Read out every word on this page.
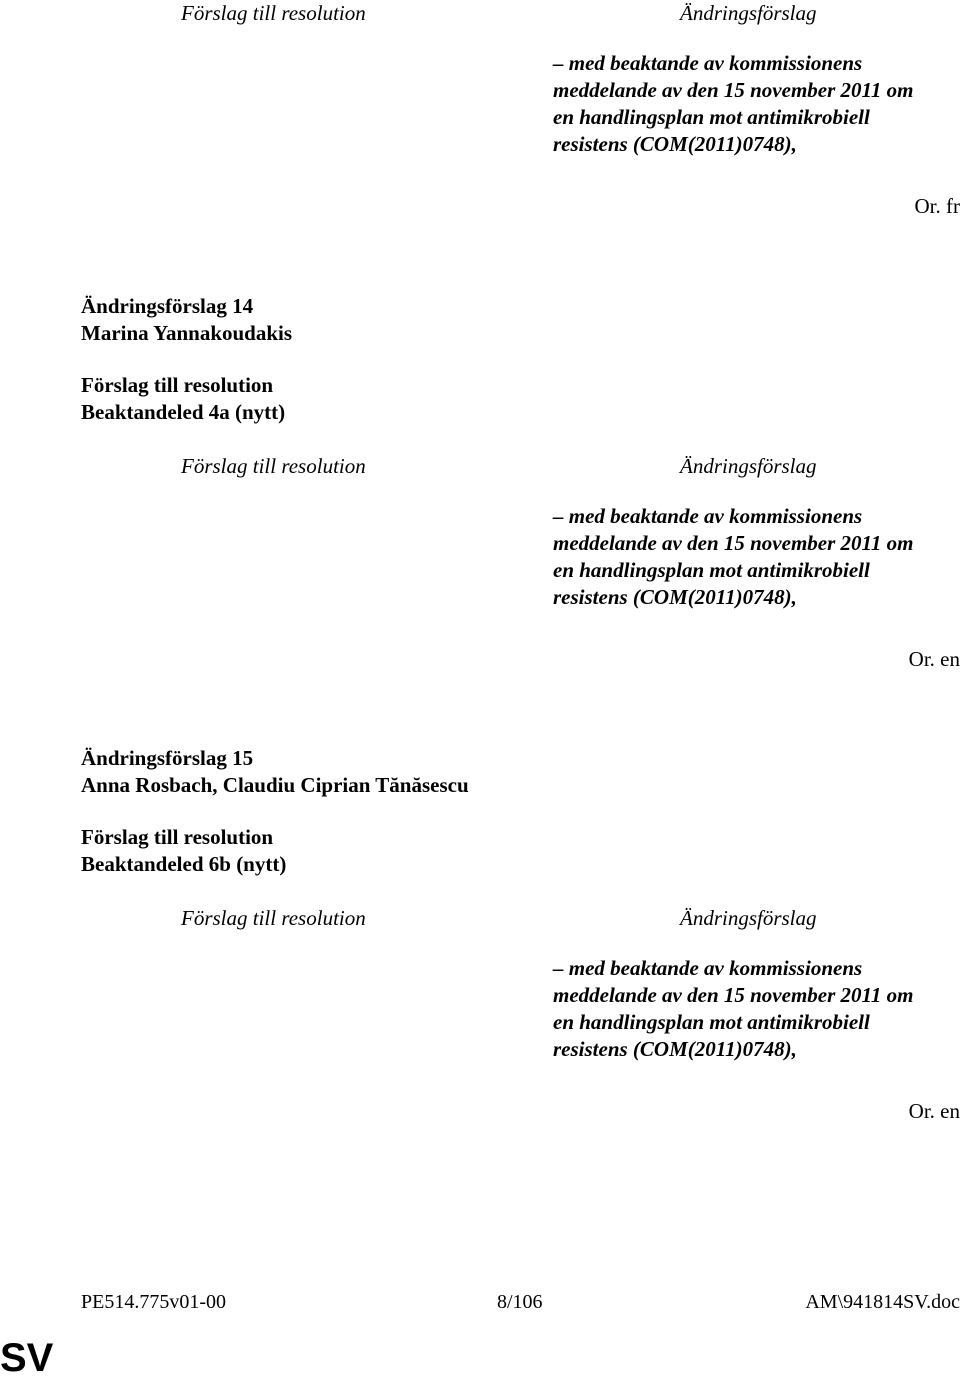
Förslag till resolution	Ändringsförslag
– med beaktande av kommissionens
meddelande av den 15 november 2011 om
en handlingsplan mot antimikrobiell
resistens (COM(2011)0748),
Or. fr
Ändringsförslag 14
Marina Yannakoudakis
Förslag till resolution
Beaktandeled 4a (nytt)
Förslag till resolution	Ändringsförslag
– med beaktande av kommissionens
meddelande av den 15 november 2011 om
en handlingsplan mot antimikrobiell
resistens (COM(2011)0748),
Or. en
Ändringsförslag 15
Anna Rosbach, Claudiu Ciprian Tănăsescu
Förslag till resolution
Beaktandeled 6b (nytt)
Förslag till resolution	Ändringsförslag
– med beaktande av kommissionens
meddelande av den 15 november 2011 om
en handlingsplan mot antimikrobiell
resistens (COM(2011)0748),
Or. en
PE514.775v01-00	8/106	AM\941814SV.doc
SV
